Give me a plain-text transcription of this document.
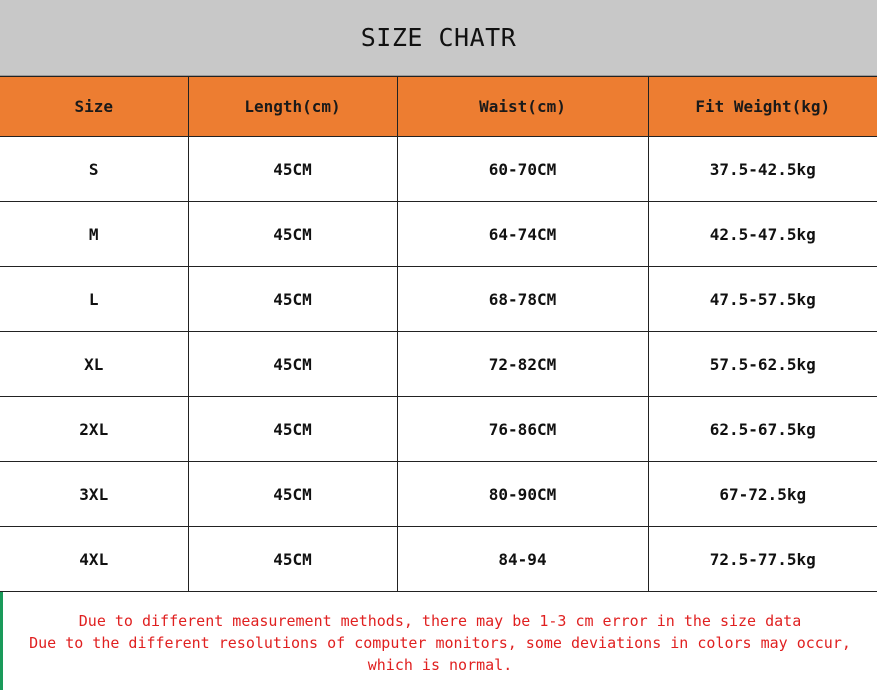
SIZE CHATR
Size	Length(cm)	Waist(cm)	Fit Weight(kg)
S	45CM	60-70CM	37.5-42.5kg
M	45CM	64-74CM	42.5-47.5kg
L	45CM	68-78CM	47.5-57.5kg
XL	45CM	72-82CM	57.5-62.5kg
2XL	45CM	76-86CM	62.5-67.5kg
3XL	45CM	80-90CM	67-72.5kg
4XL	45CM	84-94	72.5-77.5kg
Due to different measurement methods, there may be 1-3 cm error in the size data
Due to the different resolutions of computer monitors, some deviations in colors may occur,
which is normal.
